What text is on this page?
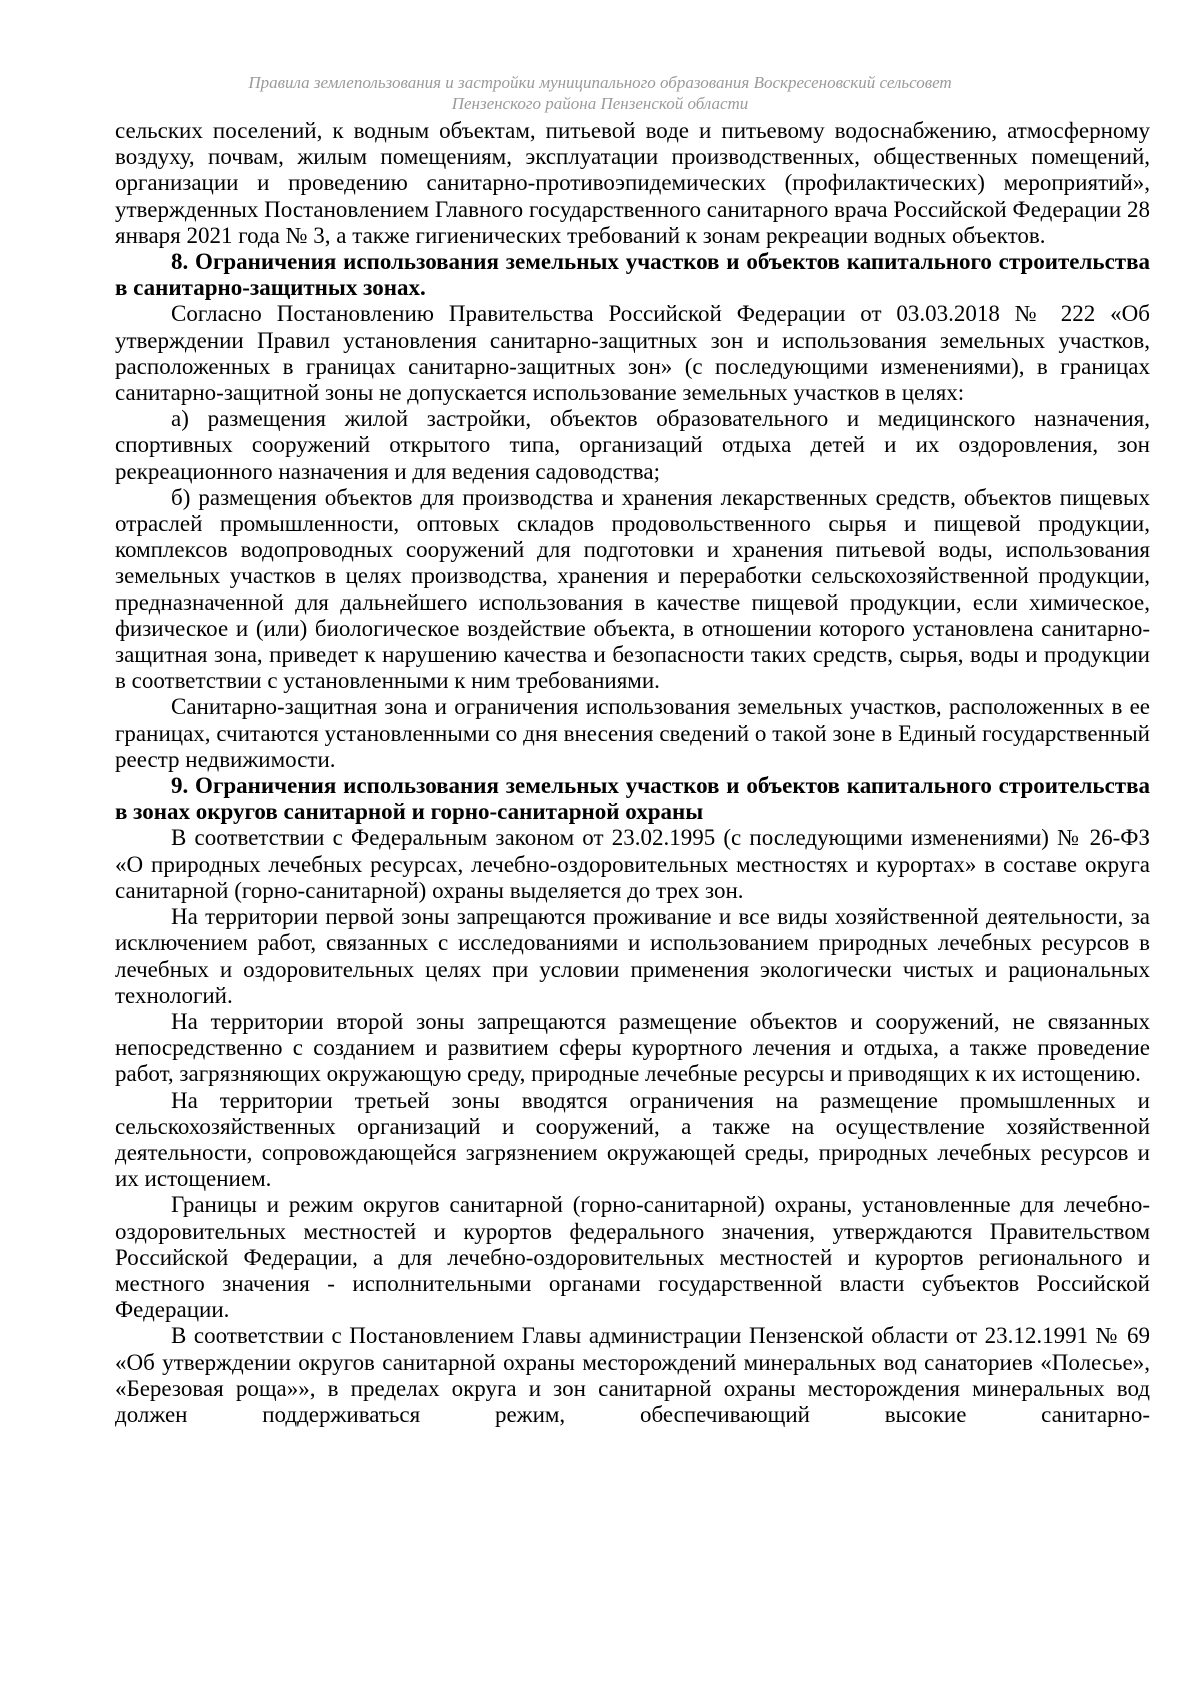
Правила землепользования и застройки муниципального образования Воскресеновский сельсовет
Пензенского района Пензенской области

сельских поселений, к водным объектам, питьевой воде и питьевому водоснабжению, атмосферному воздуху, почвам, жилым помещениям, эксплуатации производственных, общественных помещений, организации и проведению санитарно-противоэпидемических (профилактических) мероприятий», утвержденных Постановлением Главного государственного санитарного врача Российской Федерации 28 января 2021 года № 3, а также гигиенических требований к зонам рекреации водных объектов.

8. Ограничения использования земельных участков и объектов капитального строительства в санитарно-защитных зонах.

Согласно Постановлению Правительства Российской Федерации от 03.03.2018 № 222 «Об утверждении Правил установления санитарно-защитных зон и использования земельных участков, расположенных в границах санитарно-защитных зон» (с последующими изменениями), в границах санитарно-защитной зоны не допускается использование земельных участков в целях:

а) размещения жилой застройки, объектов образовательного и медицинского назначения, спортивных сооружений открытого типа, организаций отдыха детей и их оздоровления, зон рекреационного назначения и для ведения садоводства;

б) размещения объектов для производства и хранения лекарственных средств, объектов пищевых отраслей промышленности, оптовых складов продовольственного сырья и пищевой продукции, комплексов водопроводных сооружений для подготовки и хранения питьевой воды, использования земельных участков в целях производства, хранения и переработки сельскохозяйственной продукции, предназначенной для дальнейшего использования в качестве пищевой продукции, если химическое, физическое и (или) биологическое воздействие объекта, в отношении которого установлена санитарно-защитная зона, приведет к нарушению качества и безопасности таких средств, сырья, воды и продукции в соответствии с установленными к ним требованиями.

Санитарно-защитная зона и ограничения использования земельных участков, расположенных в ее границах, считаются установленными со дня внесения сведений о такой зоне в Единый государственный реестр недвижимости.

9. Ограничения использования земельных участков и объектов капитального строительства в зонах округов санитарной и горно-санитарной охраны

В соответствии с Федеральным законом от 23.02.1995 (с последующими изменениями) № 26-ФЗ «О природных лечебных ресурсах, лечебно-оздоровительных местностях и курортах» в составе округа санитарной (горно-санитарной) охраны выделяется до трех зон.

На территории первой зоны запрещаются проживание и все виды хозяйственной деятельности, за исключением работ, связанных с исследованиями и использованием природных лечебных ресурсов в лечебных и оздоровительных целях при условии применения экологически чистых и рациональных технологий.

На территории второй зоны запрещаются размещение объектов и сооружений, не связанных непосредственно с созданием и развитием сферы курортного лечения и отдыха, а также проведение работ, загрязняющих окружающую среду, природные лечебные ресурсы и приводящих к их истощению.

На территории третьей зоны вводятся ограничения на размещение промышленных и сельскохозяйственных организаций и сооружений, а также на осуществление хозяйственной деятельности, сопровождающейся загрязнением окружающей среды, природных лечебных ресурсов и их истощением.

Границы и режим округов санитарной (горно-санитарной) охраны, установленные для лечебно-оздоровительных местностей и курортов федерального значения, утверждаются Правительством Российской Федерации, а для лечебно-оздоровительных местностей и курортов регионального и местного значения - исполнительными органами государственной власти субъектов Российской Федерации.

В соответствии с Постановлением Главы администрации Пензенской области от 23.12.1991 № 69 «Об утверждении округов санитарной охраны месторождений минеральных вод санаториев «Полесье», «Березовая роща»», в пределах округа и зон санитарной охраны месторождения минеральных вод должен поддерживаться режим, обеспечивающий высокие санитарно-
